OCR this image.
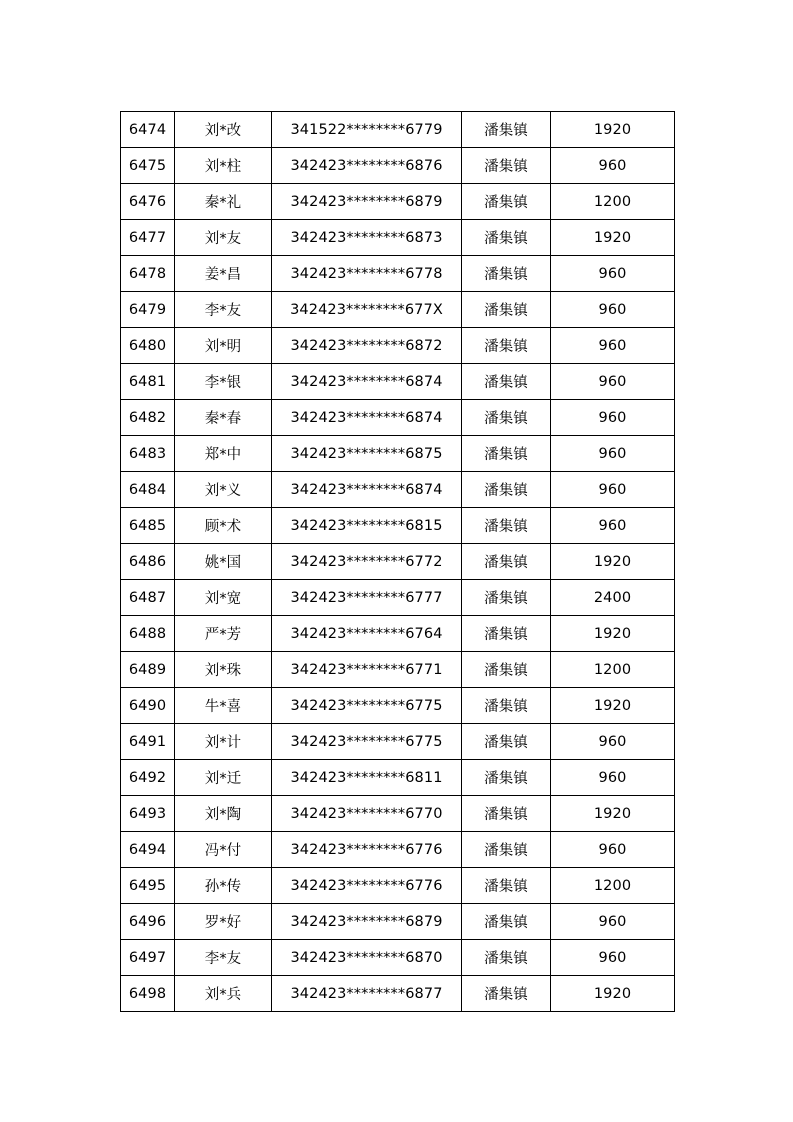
6474	刘*改	341522********6779	潘集镇	1920
6475	刘*柱	342423********6876	潘集镇	960
6476	秦*礼	342423********6879	潘集镇	1200
6477	刘*友	342423********6873	潘集镇	1920
6478	姜*昌	342423********6778	潘集镇	960
6479	李*友	342423********677X	潘集镇	960
6480	刘*明	342423********6872	潘集镇	960
6481	李*银	342423********6874	潘集镇	960
6482	秦*春	342423********6874	潘集镇	960
6483	郑*中	342423********6875	潘集镇	960
6484	刘*义	342423********6874	潘集镇	960
6485	顾*术	342423********6815	潘集镇	960
6486	姚*国	342423********6772	潘集镇	1920
6487	刘*宽	342423********6777	潘集镇	2400
6488	严*芳	342423********6764	潘集镇	1920
6489	刘*珠	342423********6771	潘集镇	1200
6490	牛*喜	342423********6775	潘集镇	1920
6491	刘*计	342423********6775	潘集镇	960
6492	刘*迁	342423********6811	潘集镇	960
6493	刘*陶	342423********6770	潘集镇	1920
6494	冯*付	342423********6776	潘集镇	960
6495	孙*传	342423********6776	潘集镇	1200
6496	罗*好	342423********6879	潘集镇	960
6497	李*友	342423********6870	潘集镇	960
6498	刘*兵	342423********6877	潘集镇	1920
